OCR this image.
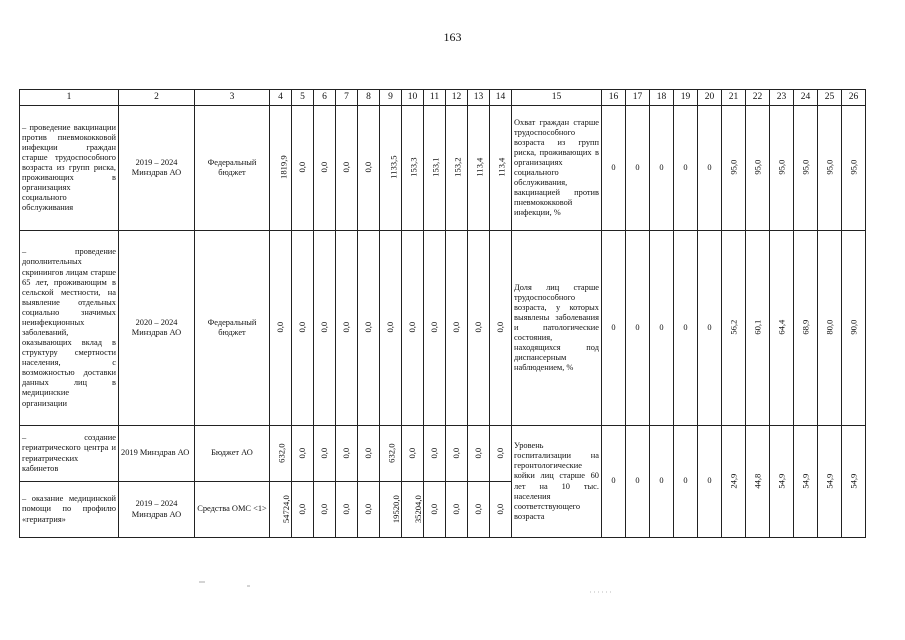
163
1	2	3	4	5	6	7	8	9	10	11	12	13	14	15	16	17	18	19	20	21	22	23	24	25	26
– проведение вакцинации против пневмококковой инфекции граждан старше трудоспособного возраста из групп риска, проживающих в организациях социального обслуживания	2019 – 2024 Минздрав АО	Федеральный бюджет	1819,9	0,0	0,0	0,0	0,0	1133,5	153,3	153,1	153,2	113,4	113,4	Охват граждан старше трудоспособного возраста из групп риска, проживающих в организациях социального обслуживания, вакцинацией против пневмококковой инфекции, %	0	0	0	0	0	95,0	95,0	95,0	95,0	95,0	95,0
– проведение дополнительных скринингов лицам старше 65 лет, проживающим в сельской местности, на выявление отдельных социально значимых неинфекционных заболеваний, оказывающих вклад в структуру смертности населения, с возможностью доставки данных лиц в медицинские организации	2020 – 2024 Минздрав АО	Федеральный бюджет	0,0	0,0	0,0	0,0	0,0	0,0	0,0	0,0	0,0	0,0	0,0	Доля лиц старше трудоспособного возраста, у которых выявлены заболевания и патологические состояния, находящихся под диспансерным наблюдением, %	0	0	0	0	0	56,2	60,1	64,4	68,9	80,0	90,0
– создание гериатрического центра и гериатрических кабинетов	2019 Минздрав АО	Бюджет АО	632,0	0,0	0,0	0,0	0,0	632,0	0,0	0,0	0,0	0,0	0,0	Уровень госпитализации на геронтологические койки лиц старше 60 лет на 10 тыс. населения соответствующего возраста	0	0	0	0	0	24,9	44,8	54,9	54,9	54,9	54,9
– оказание медицинской помощи по профилю «гериатрия»	2019 – 2024 Минздрав АО	Средства ОМС <1>	54724,0	0,0	0,0	0,0	0,0	19520,0	35204,0	0,0	0,0	0,0	0,0												
